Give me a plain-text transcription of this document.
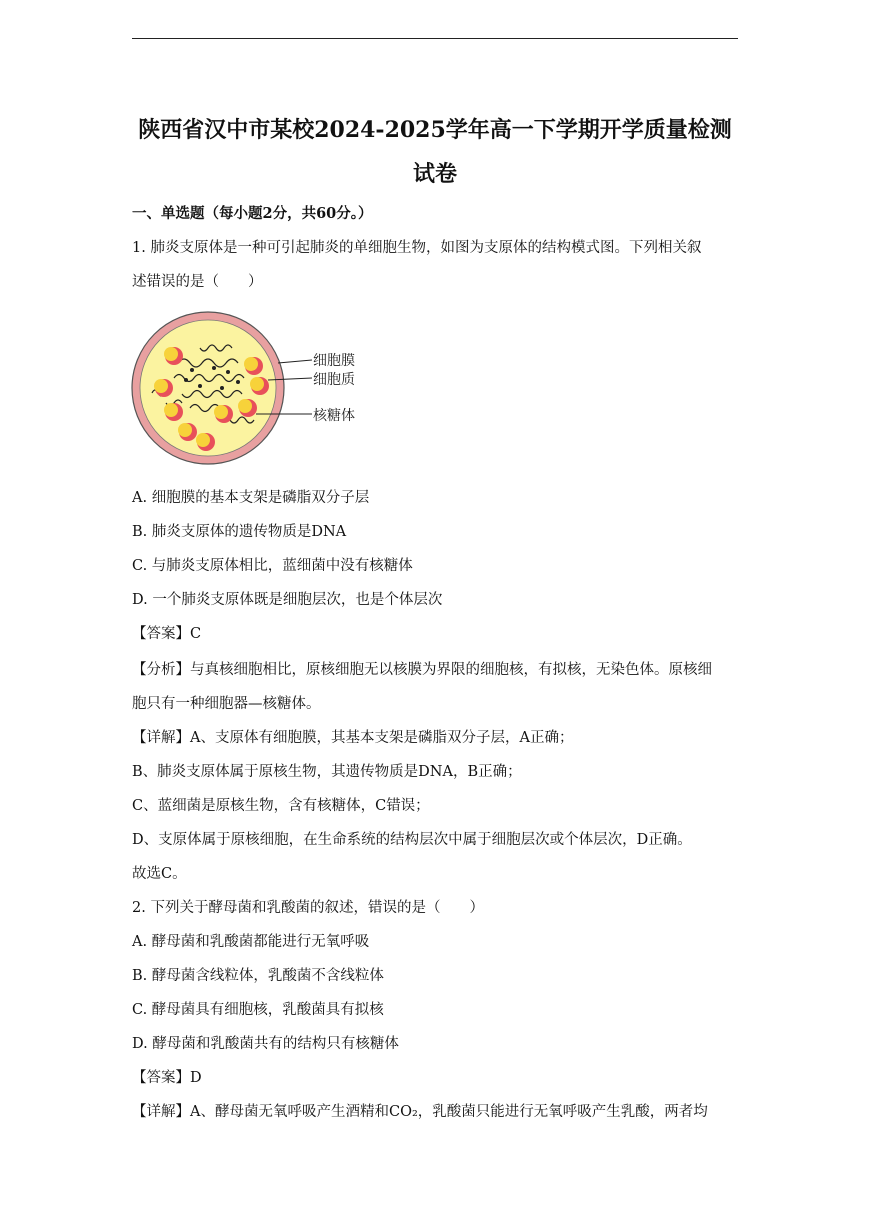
陕西省汉中市某校2024-2025学年高一下学期开学质量检测
试卷
一、单选题（每小题2分，共60分。）
1. 肺炎支原体是一种可引起肺炎的单细胞生物，如图为支原体的结构模式图。下列相关叙
述错误的是（　　）
细胞膜
细胞质
核糖体
A. 细胞膜的基本支架是磷脂双分子层
B. 肺炎支原体的遗传物质是DNA
C. 与肺炎支原体相比，蓝细菌中没有核糖体
D. 一个肺炎支原体既是细胞层次，也是个体层次
【答案】C
【分析】与真核细胞相比，原核细胞无以核膜为界限的细胞核，有拟核，无染色体。原核细
胞只有一种细胞器—核糖体。
【详解】A、支原体有细胞膜，其基本支架是磷脂双分子层，A正确；
B、肺炎支原体属于原核生物，其遗传物质是DNA，B正确；
C、蓝细菌是原核生物，含有核糖体，C错误；
D、支原体属于原核细胞，在生命系统的结构层次中属于细胞层次或个体层次，D正确。
故选C。
2. 下列关于酵母菌和乳酸菌的叙述，错误的是（　　）
A. 酵母菌和乳酸菌都能进行无氧呼吸
B. 酵母菌含线粒体，乳酸菌不含线粒体
C. 酵母菌具有细胞核，乳酸菌具有拟核
D. 酵母菌和乳酸菌共有的结构只有核糖体
【答案】D
【详解】A、酵母菌无氧呼吸产生酒精和CO₂，乳酸菌只能进行无氧呼吸产生乳酸，两者均
